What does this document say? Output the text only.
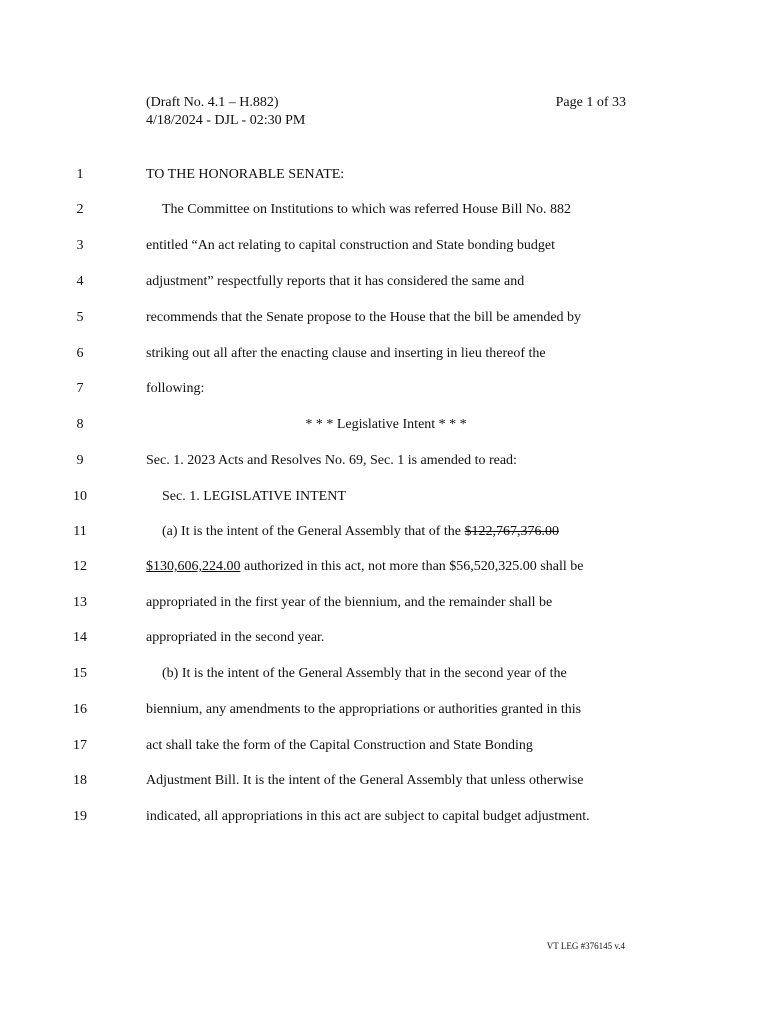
(Draft No. 4.1 – H.882)	Page 1 of 33
4/18/2024 - DJL - 02:30 PM
1	TO THE HONORABLE SENATE:
2	The Committee on Institutions to which was referred House Bill No. 882
3	entitled “An act relating to capital construction and State bonding budget
4	adjustment” respectfully reports that it has considered the same and
5	recommends that the Senate propose to the House that the bill be amended by
6	striking out all after the enacting clause and inserting in lieu thereof the
7	following:
8	* * * Legislative Intent * * *
9	Sec. 1. 2023 Acts and Resolves No. 69, Sec. 1 is amended to read:
10	Sec. 1. LEGISLATIVE INTENT
11	(a) It is the intent of the General Assembly that of the $122,767,376.00
12	$130,606,224.00 authorized in this act, not more than $56,520,325.00 shall be
13	appropriated in the first year of the biennium, and the remainder shall be
14	appropriated in the second year.
15	(b) It is the intent of the General Assembly that in the second year of the
16	biennium, any amendments to the appropriations or authorities granted in this
17	act shall take the form of the Capital Construction and State Bonding
18	Adjustment Bill. It is the intent of the General Assembly that unless otherwise
19	indicated, all appropriations in this act are subject to capital budget adjustment.
VT LEG #376145 v.4
